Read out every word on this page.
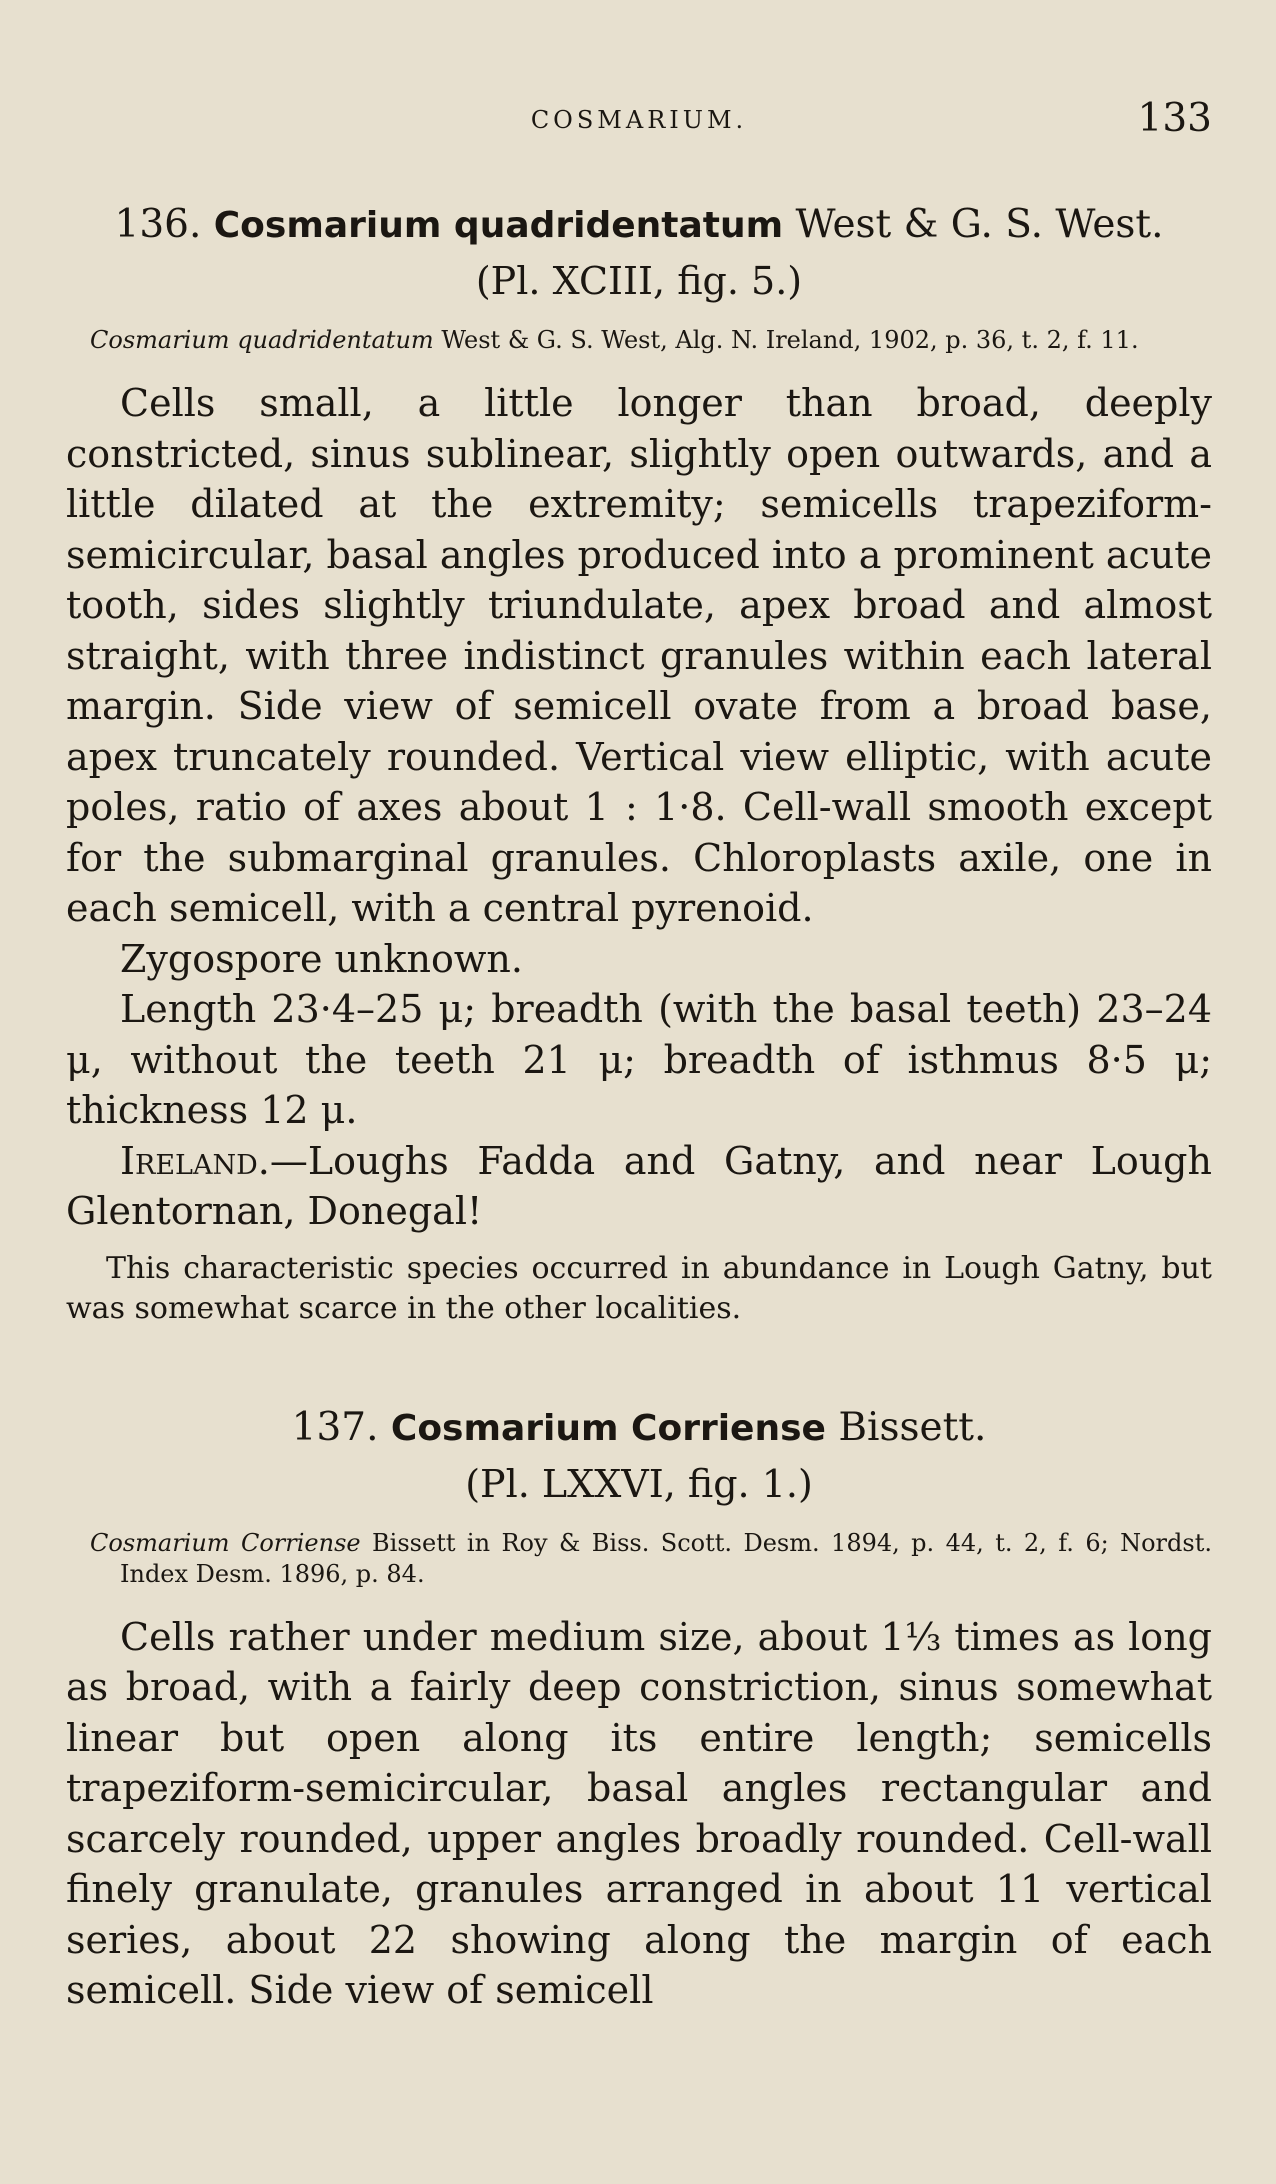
COSMARIUM.	133
136. Cosmarium quadridentatum West & G. S. West.
(Pl. XCIII, fig. 5.)
Cosmarium quadridentatum West & G. S. West, Alg. N. Ireland, 1902, p. 36, t. 2, f. 11.

Cells small, a little longer than broad, deeply constricted, sinus sublinear, slightly open outwards, and a little dilated at the extremity; semicells trapeziform-semicircular, basal angles produced into a prominent acute tooth, sides slightly triundulate, apex broad and almost straight, with three indistinct granules within each lateral margin. Side view of semicell ovate from a broad base, apex truncately rounded. Vertical view elliptic, with acute poles, ratio of axes about 1 : 1·8. Cell-wall smooth except for the submarginal granules. Chloroplasts axile, one in each semicell, with a central pyrenoid.

Zygospore unknown.

Length 23·4–25 μ; breadth (with the basal teeth) 23–24 μ, without the teeth 21 μ; breadth of isthmus 8·5 μ; thickness 12 μ.

Ireland.—Loughs Fadda and Gatny, and near Lough Glentornan, Donegal!

This characteristic species occurred in abundance in Lough Gatny, but was somewhat scarce in the other localities.
137. Cosmarium Corriense Bissett.
(Pl. LXXVI, fig. 1.)
Cosmarium Corriense Bissett in Roy & Biss. Scott. Desm. 1894, p. 44, t. 2, f. 6; Nordst. Index Desm. 1896, p. 84.

Cells rather under medium size, about 1⅓ times as long as broad, with a fairly deep constriction, sinus somewhat linear but open along its entire length; semicells trapeziform-semicircular, basal angles rectangular and scarcely rounded, upper angles broadly rounded. Cell-wall finely granulate, granules arranged in about 11 vertical series, about 22 showing along the margin of each semicell. Side view of semicell
